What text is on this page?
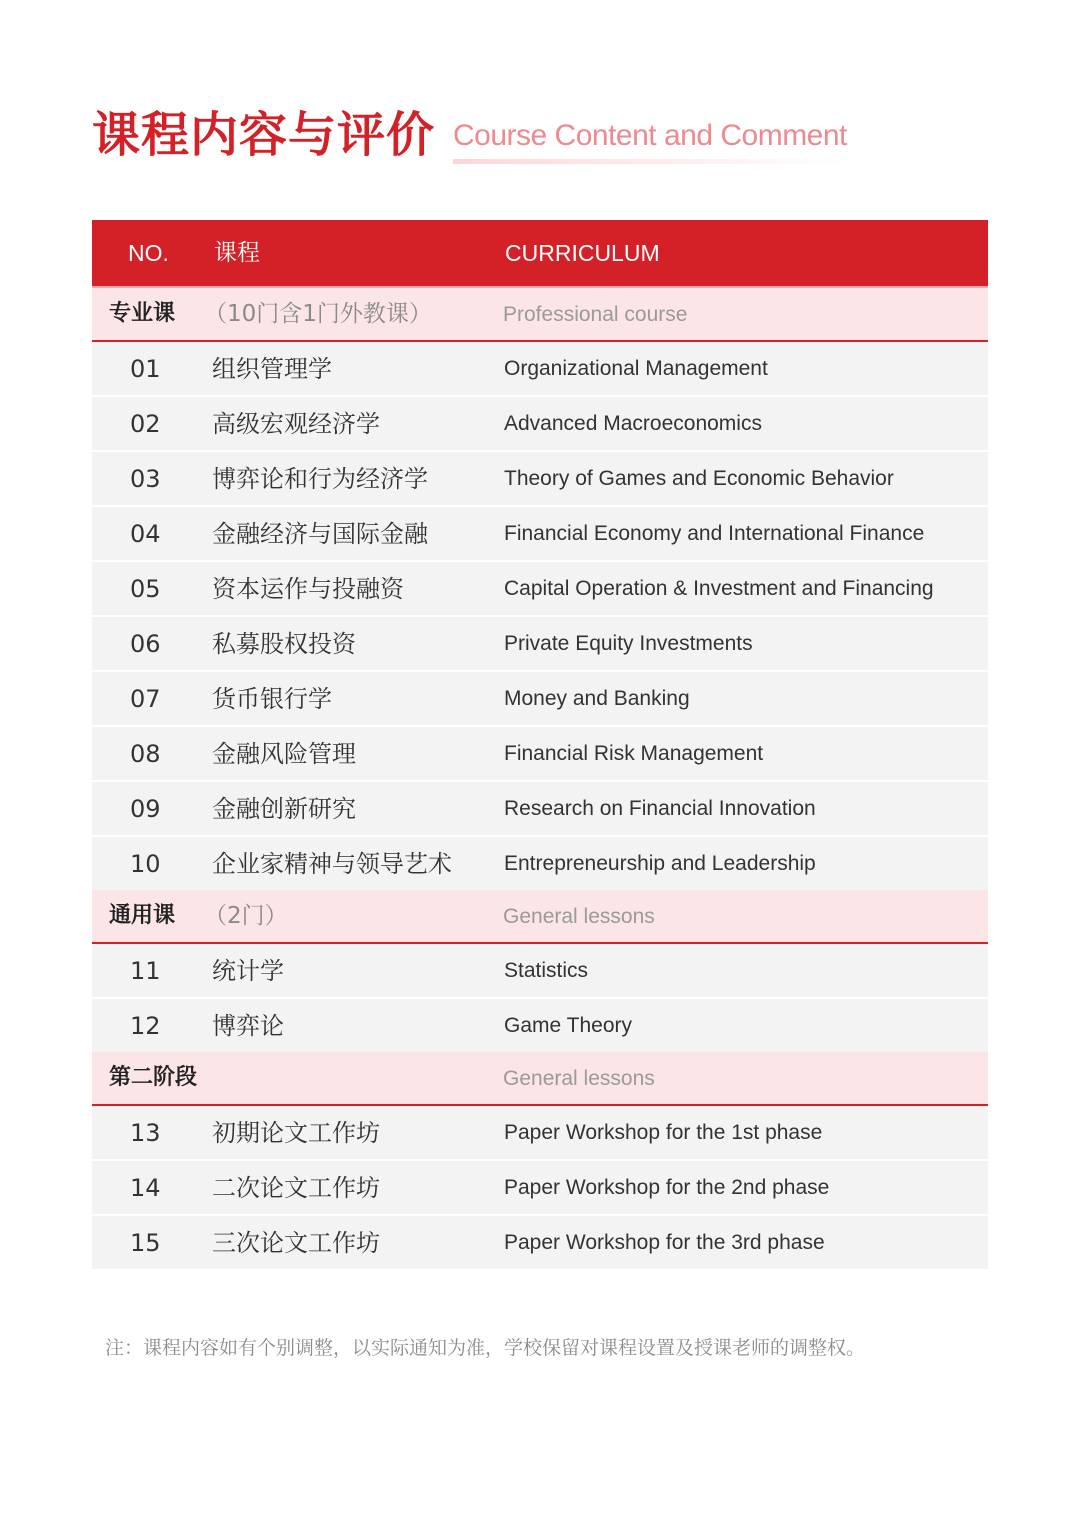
课程内容与评价 Course Content and Comment
NO. 课程	CURRICULUM
专业课 （10门含1门外教课）	Professional course
01 组织管理学	Organizational Management
02 高级宏观经济学	Advanced Macroeconomics
03 博弈论和行为经济学	Theory of Games and Economic Behavior
04 金融经济与国际金融	Financial Economy and International Finance
05 资本运作与投融资	Capital Operation & Investment and Financing
06 私募股权投资	Private Equity Investments
07 货币银行学	Money and Banking
08 金融风险管理	Financial Risk Management
09 金融创新研究	Research on Financial Innovation
10 企业家精神与领导艺术 Entrepreneurship and Leadership
通用课 （2门）	General lessons
11 统计学	Statistics
12 博弈论	Game Theory
第二阶段	General lessons
13 初期论文工作坊	Paper Workshop for the 1st phase
14 二次论文工作坊	Paper Workshop for the 2nd phase
15 三次论文工作坊	Paper Workshop for the 3rd phase
注：课程内容如有个别调整，以实际通知为准，学校保留对课程设置及授课老师的调整权。
